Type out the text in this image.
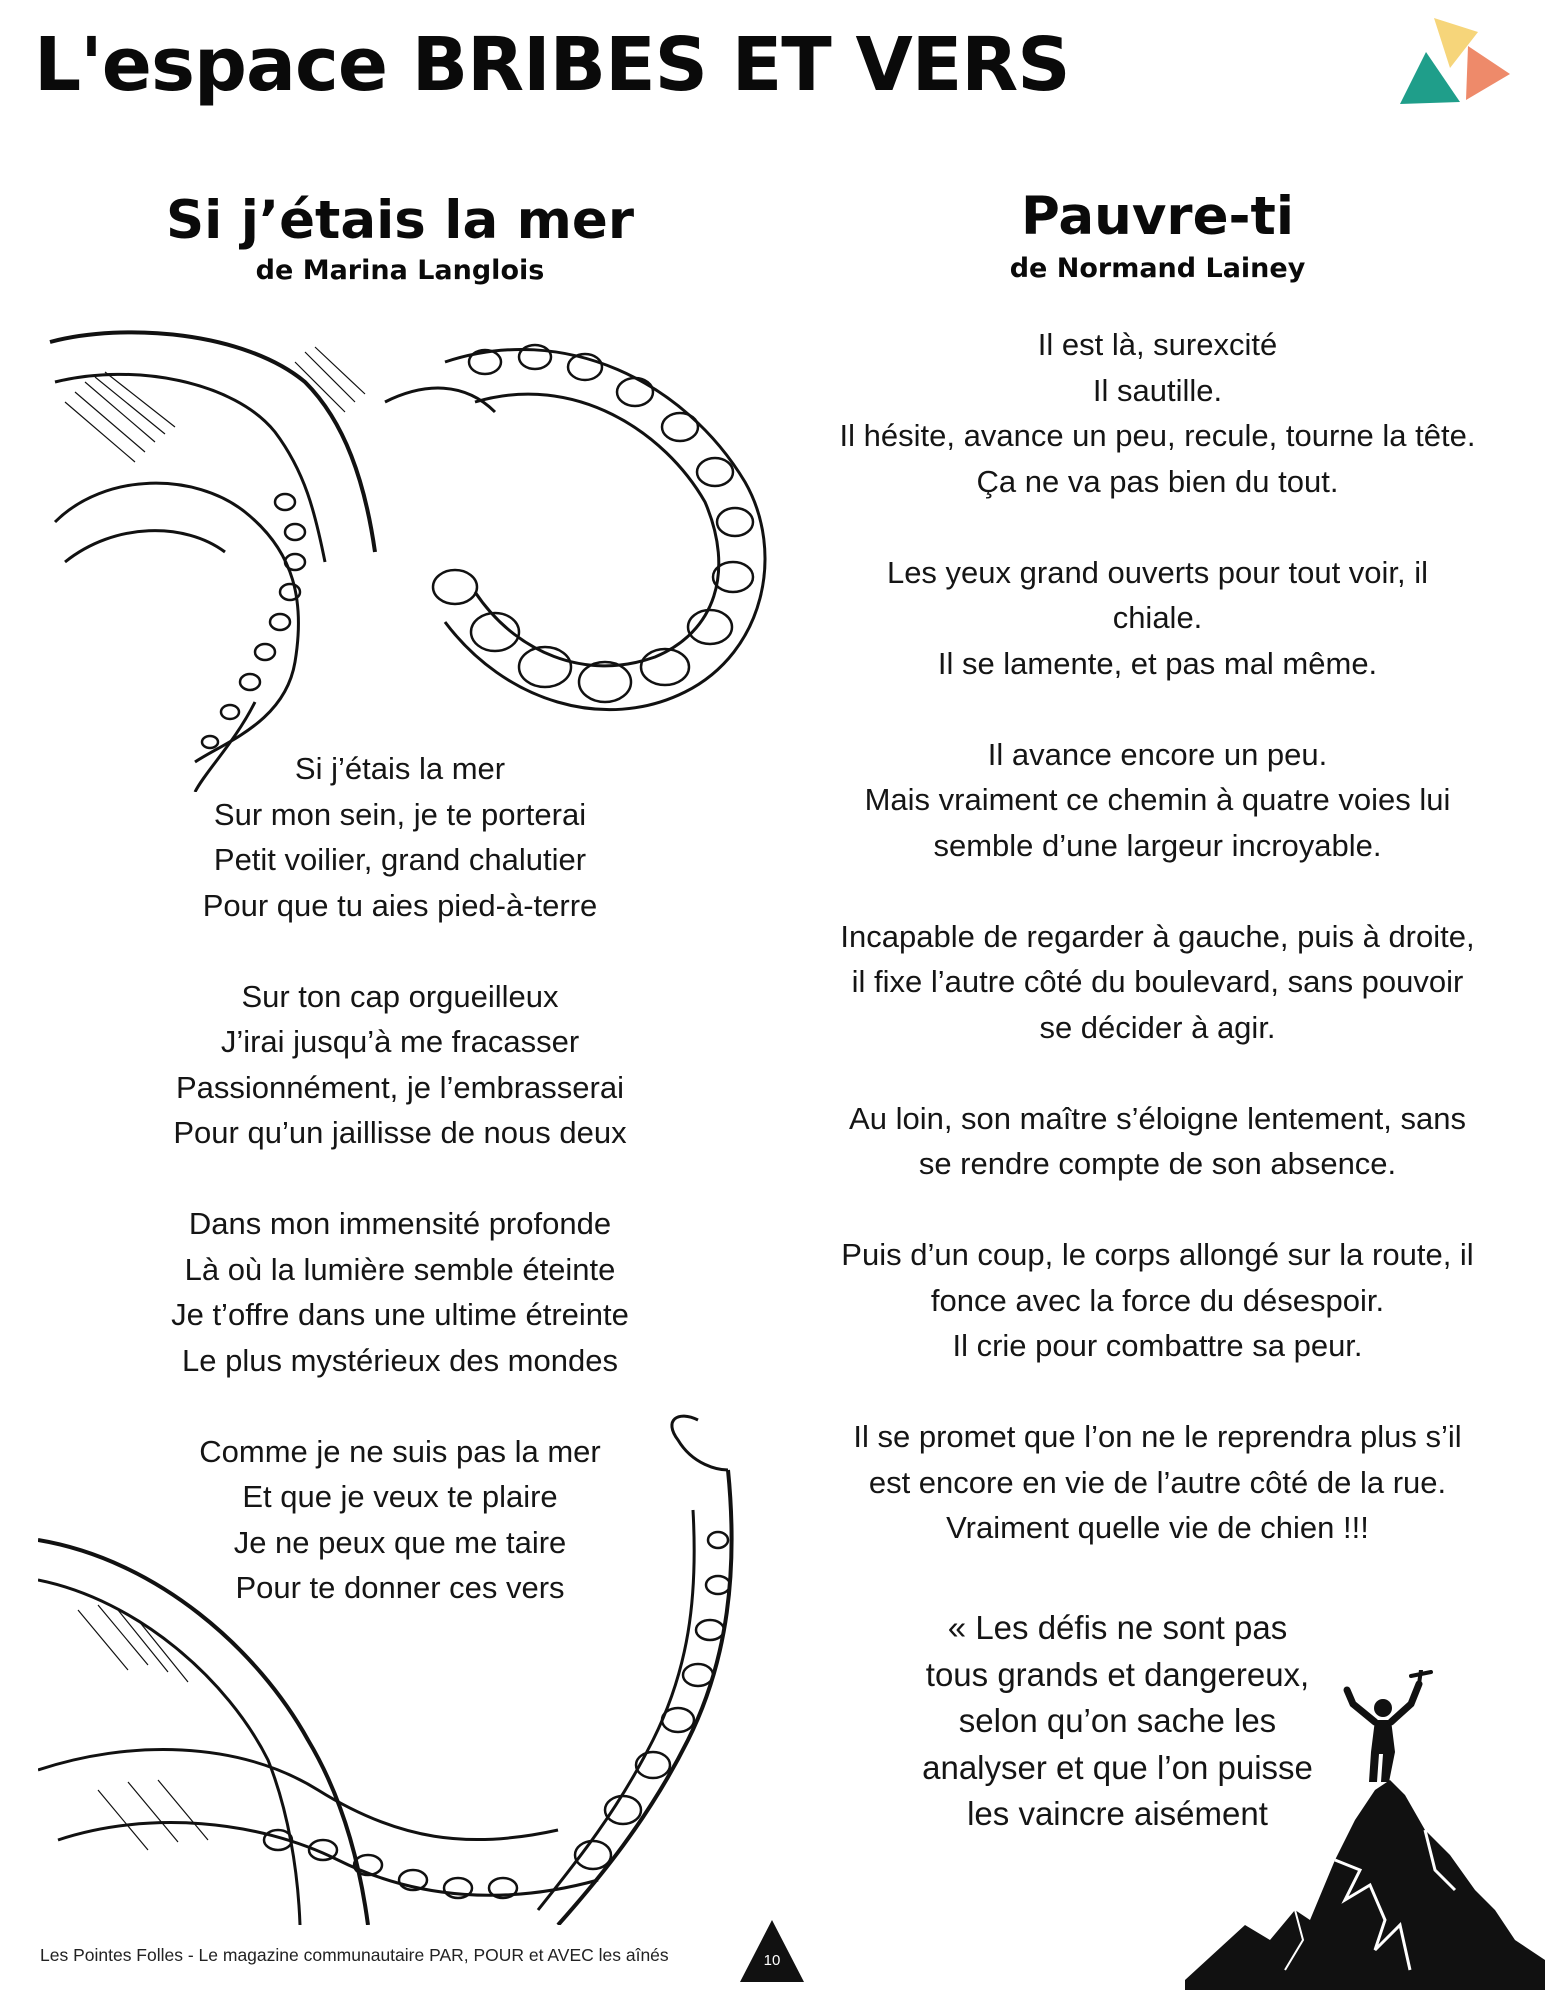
L'espace BRIBES ET VERS
Si j’étais la mer
de Marina Langlois

Si j’étais la mer
Sur mon sein, je te porterai
Petit voilier, grand chalutier
Pour que tu aies pied-à-terre

Sur ton cap orgueilleux
J’irai jusqu’à me fracasser
Passionnément, je l’embrasserai
Pour qu’un jaillisse de nous deux

Dans mon immensité profonde
Là où la lumière semble éteinte
Je t’offre dans une ultime étreinte
Le plus mystérieux des mondes

Comme je ne suis pas la mer
Et que je veux te plaire
Je ne peux que me taire
Pour te donner ces vers

Pauvre-ti
de Normand Lainey

Il est là, surexcité
Il sautille.
Il hésite, avance un peu, recule, tourne la tête.
Ça ne va pas bien du tout.

Les yeux grand ouverts pour tout voir, il
chiale.
Il se lamente, et pas mal même.

Il avance encore un peu.
Mais vraiment ce chemin à quatre voies lui
semble d’une largeur incroyable.

Incapable de regarder à gauche, puis à droite,
il fixe l’autre côté du boulevard, sans pouvoir
se décider à agir.

Au loin, son maître s’éloigne lentement, sans
se rendre compte de son absence.

Puis d’un coup, le corps allongé sur la route, il
fonce avec la force du désespoir.
Il crie pour combattre sa peur.

Il se promet que l’on ne le reprendra plus s’il
est encore en vie de l’autre côté de la rue.
Vraiment quelle vie de chien !!!

« Les défis ne sont pas
tous grands et dangereux,
selon qu’on sache les
analyser et que l’on puisse
les vaincre aisément
Les Pointes Folles - Le magazine communautaire PAR, POUR et AVEC les aînés	10
